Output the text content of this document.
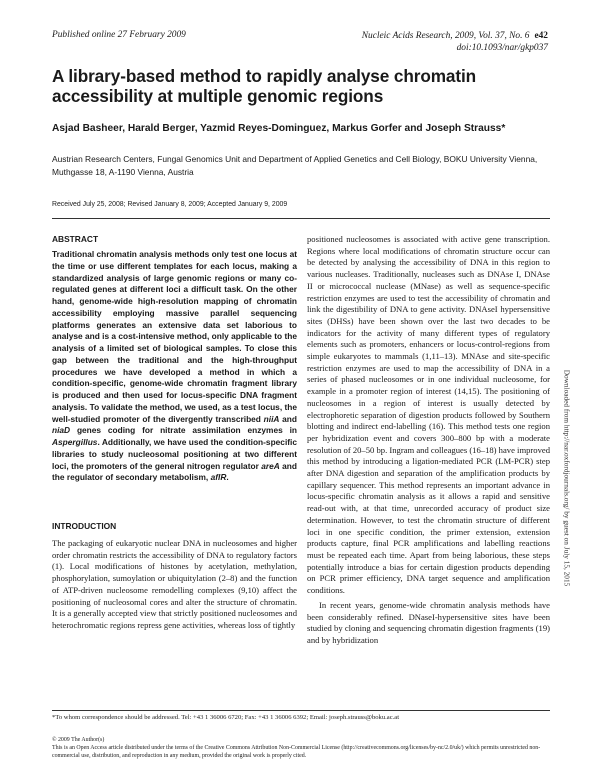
Published online 27 February 2009	Nucleic Acids Research, 2009, Vol. 37, No. 6 e42
doi:10.1093/nar/gkp037
A library-based method to rapidly analyse chromatin accessibility at multiple genomic regions
Asjad Basheer, Harald Berger, Yazmid Reyes-Dominguez, Markus Gorfer and Joseph Strauss*
Austrian Research Centers, Fungal Genomics Unit and Department of Applied Genetics and Cell Biology, BOKU University Vienna, Muthgasse 18, A-1190 Vienna, Austria
Received July 25, 2008; Revised January 8, 2009; Accepted January 9, 2009
ABSTRACT
Traditional chromatin analysis methods only test one locus at the time or use different templates for each locus, making a standardized analysis of large genomic regions or many co-regulated genes at different loci a difficult task. On the other hand, genome-wide high-resolution mapping of chromatin accessibility employing massive parallel sequencing platforms generates an extensive data set laborious to analyse and is a cost-intensive method, only applicable to the analysis of a limited set of biological samples. To close this gap between the traditional and the high-throughput procedures we have developed a method in which a condition-specific, genome-wide chromatin fragment library is produced and then used for locus-specific DNA fragment analysis. To validate the method, we used, as a test locus, the well-studied promoter of the divergently transcribed niiA and niaD genes coding for nitrate assimilation enzymes in Aspergillus. Additionally, we have used the condition-specific libraries to study nucleosomal positioning at two different loci, the promoters of the general nitrogen regulator areA and the regulator of secondary metabolism, aflR.
INTRODUCTION
The packaging of eukaryotic nuclear DNA in nucleosomes and higher order chromatin restricts the accessibility of DNA to regulatory factors (1). Local modifications of histones by acetylation, methylation, phosphorylation, sumoylation or ubiquitylation (2–8) and the function of ATP-driven nucleosome remodelling complexes (9,10) affect the positioning of nucleosomal cores and alter the structure of chromatin. It is a generally accepted view that strictly positioned nucleosomes and heterochromatic regions repress gene activities, whereas loss of tightly

positioned nucleosomes is associated with active gene transcription. Regions where local modifications of chromatin structure occur can be detected by analysing the accessibility of DNA in this region to various nucleases. Traditionally, nucleases such as DNAse I, DNAse II or micrococcal nuclease (MNase) as well as sequence-specific restriction enzymes are used to test the accessibility of chromatin and link the digestibility of DNA to gene activity. DNAseI hypersensitive sites (DHSs) have been shown over the last two decades to be indicators for the activity of many different types of regulatory elements such as promoters, enhancers or locus-control-regions from simple eukaryotes to mammals (1,11–13). MNAse and site-specific restriction enzymes are used to map the accessibility of DNA in a series of phased nucleosomes or in one individual nucleosome, for example in a promoter region of interest (14,15). The positioning of nucleosomes in a region of interest is usually detected by electrophoretic separation of digestion products followed by Southern blotting and indirect end-labelling (16). This method tests one region per hybridization event and covers 300–800 bp with a moderate resolution of 20–50 bp. Ingram and colleagues (16–18) have improved this method by introducing a ligation-mediated PCR (LM-PCR) step after DNA digestion and separation of the amplification products by capillary sequencer. This method represents an important advance in locus-specific chromatin analysis as it allows a rapid and sensitive read-out with, at that time, unrecorded accuracy of product size determination. However, to test the chromatin structure of different loci in one specific condition, the primer extension, extension products capture, final PCR amplifications and labelling reactions must be repeated each time. Apart from being laborious, these steps potentially introduce a bias for certain digestion products depending on PCR primer efficiency, DNA target sequence and amplification conditions.

In recent years, genome-wide chromatin analysis methods have been considerably refined. DNaseI-hypersensitive sites have been studied by cloning and sequencing chromatin digestion fragments (19) and by hybridization

Downloaded from http://nar.oxfordjournals.org/ by guest on July 15, 2015
*To whom correspondence should be addressed. Tel: +43 1 36006 6720; Fax: +43 1 36006 6392; Email: joseph.strauss@boku.ac.at
© 2009 The Author(s)
This is an Open Access article distributed under the terms of the Creative Commons Attribution Non-Commercial License (http://creativecommons.org/licenses/by-nc/2.0/uk/) which permits unrestricted non-commercial use, distribution, and reproduction in any medium, provided the original work is properly cited.
